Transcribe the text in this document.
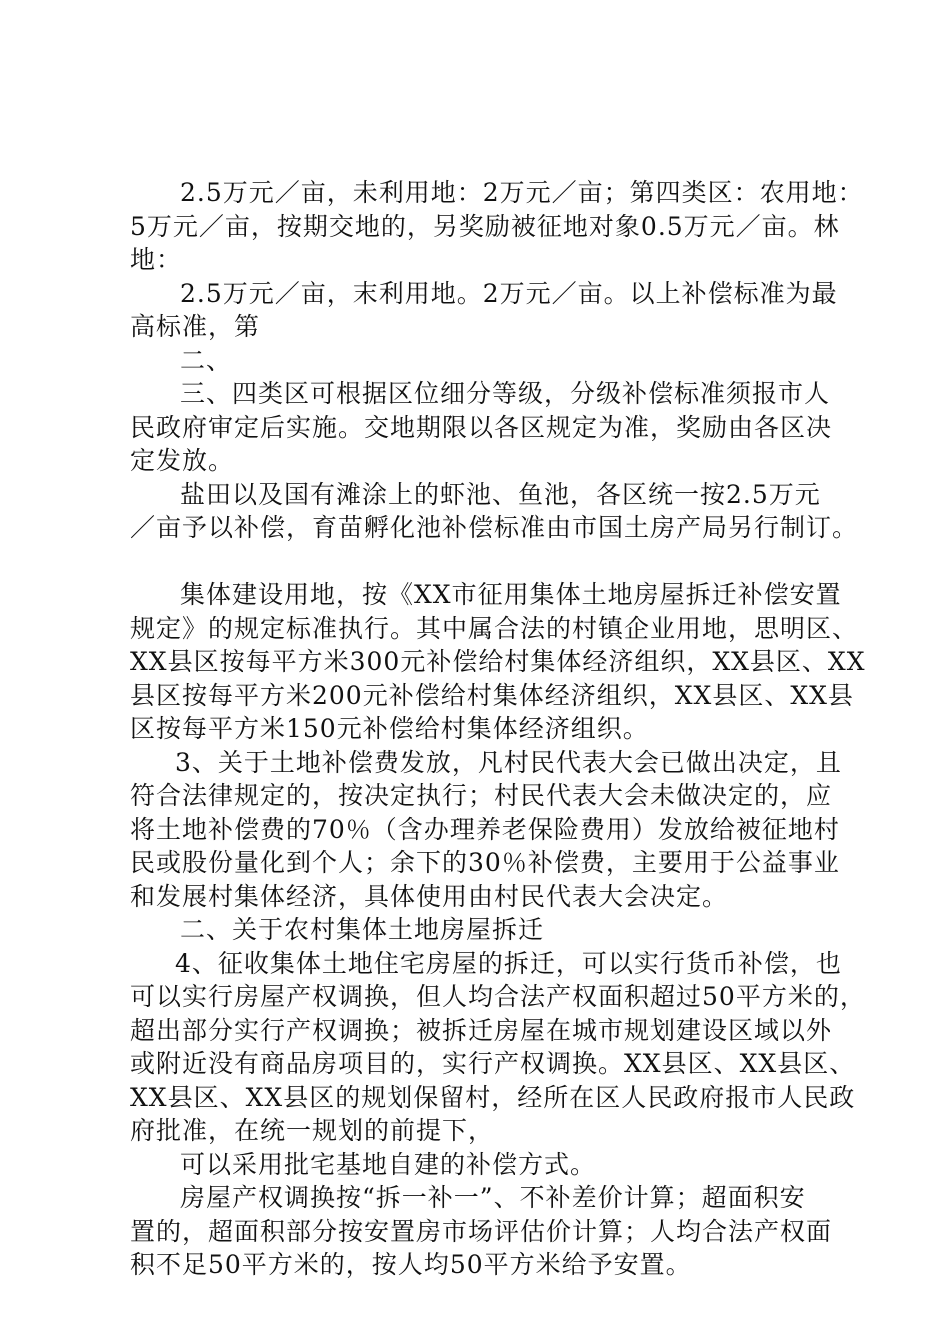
2.5万元／亩，未利用地：2万元／亩；第四类区：农用地：
5万元／亩，按期交地的，另奖励被征地对象0.5万元／亩。林
地：
2.5万元／亩，末利用地。2万元／亩。以上补偿标准为最
高标准，第
二、
三、四类区可根据区位细分等级，分级补偿标准须报市人
民政府审定后实施。交地期限以各区规定为准，奖励由各区决
定发放。
盐田以及国有滩涂上的虾池、鱼池，各区统一按2.5万元
／亩予以补偿，育苗孵化池补偿标准由市国土房产局另行制订。
集体建设用地，按《XX市征用集体土地房屋拆迁补偿安置
规定》的规定标准执行。其中属合法的村镇企业用地，思明区、
XX县区按每平方米300元补偿给村集体经济组织，XX县区、XX
县区按每平方米200元补偿给村集体经济组织，XX县区、XX县
区按每平方米150元补偿给村集体经济组织。
3、关于土地补偿费发放，凡村民代表大会已做出决定，且
符合法律规定的，按决定执行；村民代表大会未做决定的，应
将土地补偿费的70％（含办理养老保险费用）发放给被征地村
民或股份量化到个人；余下的30％补偿费，主要用于公益事业
和发展村集体经济，具体使用由村民代表大会决定。
二、关于农村集体土地房屋拆迁
4、征收集体土地住宅房屋的拆迁，可以实行货币补偿，也
可以实行房屋产权调换，但人均合法产权面积超过50平方米的，
超出部分实行产权调换；被拆迁房屋在城市规划建设区域以外
或附近没有商品房项目的，实行产权调换。XX县区、XX县区、
XX县区、XX县区的规划保留村，经所在区人民政府报市人民政
府批准，在统一规划的前提下，
可以采用批宅基地自建的补偿方式。
房屋产权调换按“拆一补一”、不补差价计算；超面积安
置的，超面积部分按安置房市场评估价计算；人均合法产权面
积不足50平方米的，按人均50平方米给予安置。
